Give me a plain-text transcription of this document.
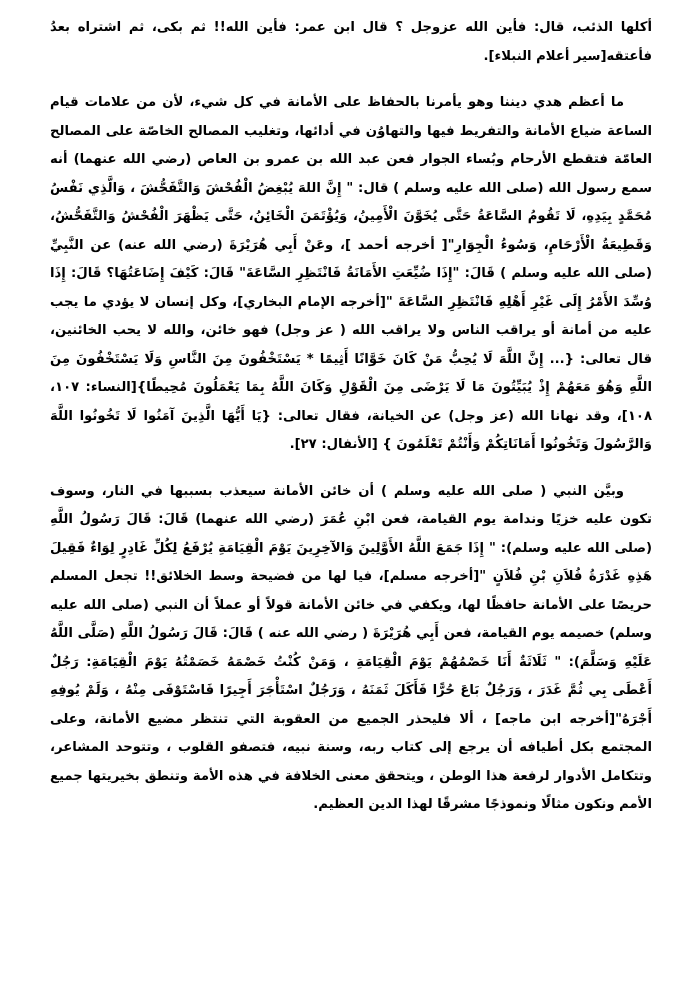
أكلها الذئب، قال: فأين الله عزوجل ؟ قال ابن عمر: فأين الله!! ثم بكى، ثم اشتراه بعدُ فأعتقه[سير أعلام النبلاء].

ما أعظم هدي ديننا وهو يأمرنا بالحفاظ على الأمانة في كل شيء، لأن من علامات قيام الساعة ضياع الأمانة والتفريط فيها والتهاوُن في أدائها، وتغليب المصالح الخاصّة على المصالح العامّة فتقطع الأرحام وبُساء الجوار فعن عبد الله بن عمرو بن العاص (رضي الله عنهما) أنه سمع رسول الله (صلى الله عليه وسلم ) قال: " إِنَّ اللهَ يُبْغِضُ الْفُحْشَ وَالتَّفَحُّشَ ، وَالَّذِي نَفْسُ مُحَمَّدٍ بِيَدِهِ، لَا تَقُومُ السَّاعَةُ حَتَّى يُخَوَّنَ الْأَمِينُ، وَيُؤْتَمَنَ الْخَائِنُ، حَتَّى يَظْهَرَ الْفُحْشُ وَالتَّفَحُّشُ، وَقَطِيعَةُ الْأَرْحَامِ، وَسُوءُ الْجِوَارِ"[ أخرجه أحمد ]، وعَنْ أَبِي هُرَيْرَةَ (رضي الله عنه) عن النَّبِيِّ (صلى الله عليه وسلم ) قَالَ: "إِذَا ضُيِّعَتِ الأَمَانَةُ فَانْتَظِرِ السَّاعَةَ" قَالَ: كَيْفَ إِضَاعَتُهَا؟ قَالَ: إِذَا وُسِّدَ الأَمْرُ إِلَى غَيْرِ أَهْلِهِ فَانْتَظِرِ السَّاعَةَ "[أخرجه الإمام البخاري]، وكل إنسان لا يؤدي ما يجب عليه من أمانة أو يراقب الناس ولا يراقب الله ( عز وجل) فهو خائن، والله لا يحب الخائنين، قال تعالى: {... إِنَّ اللَّهَ لَا يُحِبُّ مَنْ كَانَ خَوَّانًا أَثِيمًا * يَسْتَخْفُونَ مِنَ النَّاسِ وَلَا يَسْتَخْفُونَ مِنَ اللَّهِ وَهُوَ مَعَهُمْ إِذْ يُبَيِّتُونَ مَا لَا يَرْضَى مِنَ الْقَوْلِ وَكَانَ اللَّهُ بِمَا يَعْمَلُونَ مُحِيطًا}[النساء: ١٠٧، ١٠٨]، وقد نهانا الله (عز وجل) عن الخيانة، فقال تعالى: {يَا أَيُّهَا الَّذِينَ آمَنُوا لَا تَخُونُوا اللَّهَ وَالرَّسُولَ وَتَخُونُوا أَمَانَاتِكُمْ وَأَنْتُمْ تَعْلَمُونَ } [الأنفال: ٢٧].

وبيَّن النبي ( صلى الله عليه وسلم ) أن خائن الأمانة سيعذب بسببها في النار، وسوف تكون عليه خزيًا وندامة يوم القيامة، فعن ابْنِ عُمَرَ (رضي الله عنهما) قَالَ: قَالَ رَسُولُ اللَّهِ (صلى الله عليه وسلم): " إِذَا جَمَعَ اللَّهُ الأَوَّلِينَ وَالآخِرِينَ يَوْمَ الْقِيَامَةِ يُرْفَعُ لِكُلِّ غَادِرٍ لِوَاءٌ فَقِيلَ هَذِهِ غَدْرَةُ فُلاَنِ بْنِ فُلاَنٍ "[أخرجه مسلم]، فيا لها من فضيحة وسط الخلائق!! تجعل المسلم حريصًا على الأمانة حافظًا لها، ويكفي في خائن الأمانة قولاً أو عملاً أن النبي (صلى الله عليه وسلم) خصيمه يوم القيامة، فعن أَبِي هُرَيْرَةَ ( رضي الله عنه ) قَالَ: قَالَ رَسُولُ اللَّهِ (صَلَّى اللَّهُ عَلَيْهِ وَسَلَّمَ): " ثَلَاثَةٌ أَنَا خَصْمُهُمْ يَوْمَ الْقِيَامَةِ ، وَمَنْ كُنْتُ خَصْمَهُ خَصَمْتُهُ يَوْمَ الْقِيَامَةِ: رَجُلٌ أَعْطَى بِي ثُمَّ غَدَرَ ، وَرَجُلٌ بَاعَ حُرًّا فَأَكَلَ ثَمَنَهُ ، وَرَجُلٌ اسْتَأْجَرَ أَجِيرًا فَاسْتَوْفَى مِنْهُ ، وَلَمْ يُوفِهِ أَجْرَهُ"[أخرجه ابن ماجه] ، ألا فليحذر الجميع من العقوبة التي تنتظر مضيع الأمانة، وعلى المجتمع بكل أطيافه أن يرجع إلى كتاب ربه، وسنة نبيه، فتصفو القلوب ، وتتوحد المشاعر، وتتكامل الأدوار لرفعة هذا الوطن ، ويتحقق معنى الخلافة في هذه الأمة وتنطق بخيريتها جميع الأمم ونكون مثالًا ونموذجًا مشرقًا لهذا الدين العظيم.
